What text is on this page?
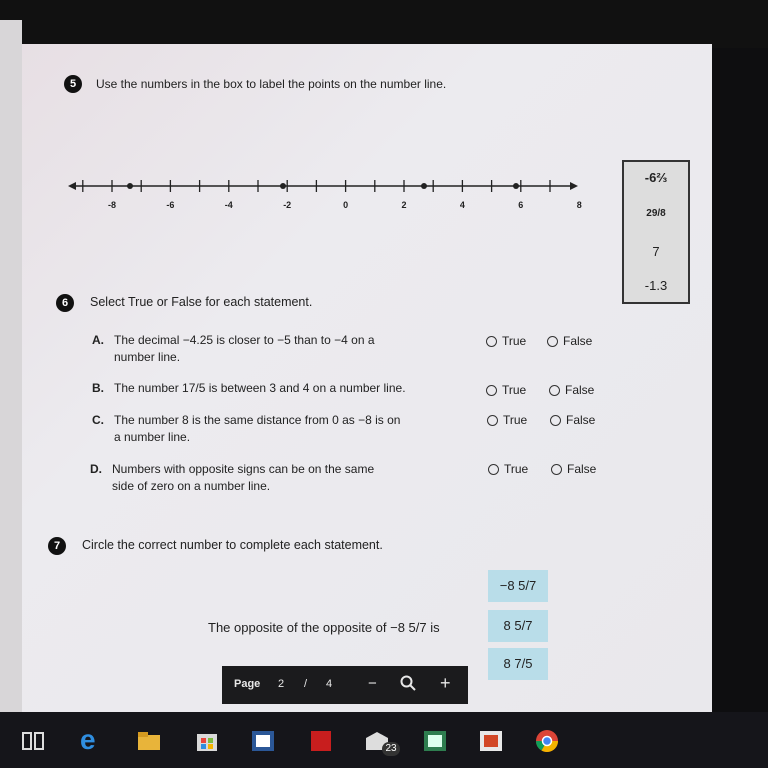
5	Use the numbers in the box to label the points on the number line.
-8	-6	-4	-2	0	2	4	6	8
-6⅔
29/8
7
-1.3
6	Select True or False for each statement.
A. The decimal −4.25 is closer to −5 than to −4 on a
number line.
B. The number 17/5 is between 3 and 4 on a number line.
C. The number 8 is the same distance from 0 as −8 is on
a number line.
D. Numbers with opposite signs can be on the same
side of zero on a number line.
True	False
True	False
True	False
True	False
7	Circle the correct number to complete each statement.
−8 5/7
The opposite of the opposite of −8 5/7 is	8 5/7
8 7/5
Page 2 / 4 −	+
e	23
